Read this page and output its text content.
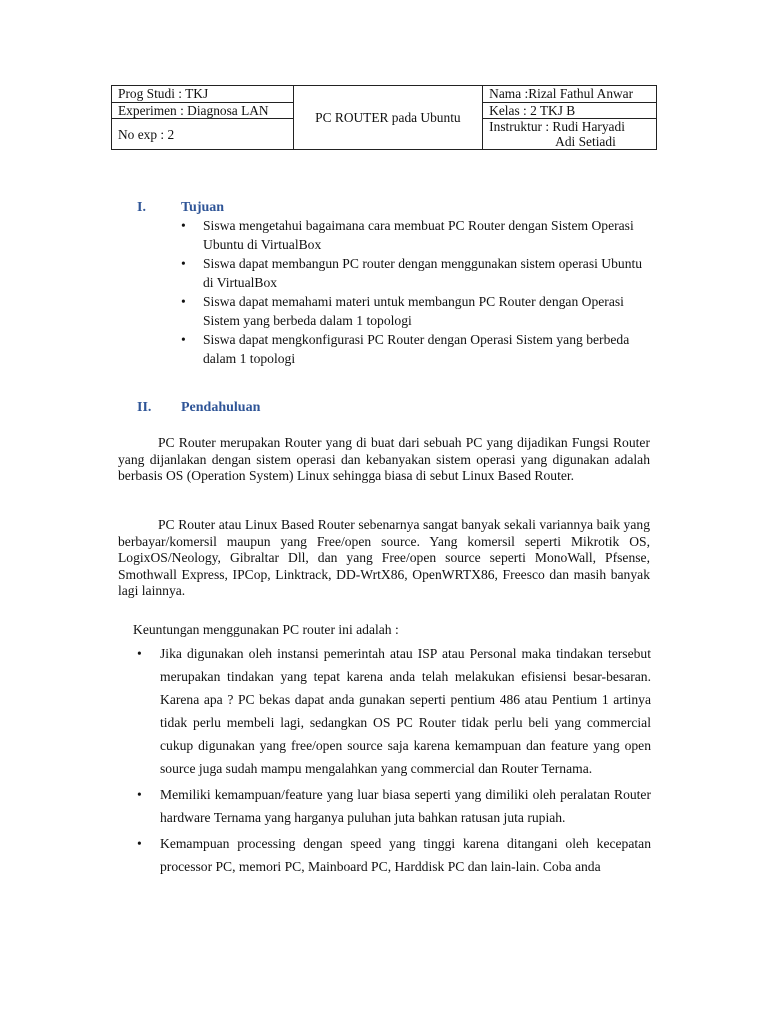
Prog Studi : TKJ	PC ROUTER pada Ubuntu	Nama :Rizal Fathul Anwar
Experimen : Diagnosa LAN		Kelas : 2 TKJ B
No exp : 2		Instruktur : Rudi Haryadi
Adi Setiadi
I.	Tujuan
• Siswa mengetahui bagaimana cara membuat PC Router dengan Sistem Operasi Ubuntu di VirtualBox
• Siswa dapat membangun PC router dengan menggunakan sistem operasi Ubuntu di VirtualBox
• Siswa dapat memahami materi untuk membangun PC Router dengan Operasi Sistem yang berbeda dalam 1 topologi
• Siswa dapat mengkonfigurasi PC Router dengan Operasi Sistem yang berbeda dalam 1 topologi
II. Pendahuluan

PC Router merupakan Router yang di buat dari sebuah PC yang dijadikan Fungsi Router yang dijanlakan dengan sistem operasi dan kebanyakan sistem operasi yang digunakan adalah berbasis OS (Operation System) Linux sehingga biasa di sebut Linux Based Router.

PC Router atau Linux Based Router sebenarnya sangat banyak sekali variannya baik yang berbayar/komersil maupun yang Free/open source. Yang komersil seperti Mikrotik OS, LogixOS/Neology, Gibraltar Dll, dan yang Free/open source seperti MonoWall, Pfsense, Smothwall Express, IPCop, Linktrack, DD-WrtX86, OpenWRTX86, Freesco dan masih banyak lagi lainnya.

Keuntungan menggunakan PC router ini adalah :

• Jika digunakan oleh instansi pemerintah atau ISP atau Personal maka tindakan tersebut merupakan tindakan yang tepat karena anda telah melakukan efisiensi besar-besaran. Karena apa ? PC bekas dapat anda gunakan seperti pentium 486 atau Pentium 1 artinya tidak perlu membeli lagi, sedangkan OS PC Router tidak perlu beli yang commercial cukup digunakan yang free/open source saja karena kemampuan dan feature yang open source juga sudah mampu mengalahkan yang commercial dan Router Ternama.
• Memiliki kemampuan/feature yang luar biasa seperti yang dimiliki oleh peralatan Router hardware Ternama yang harganya puluhan juta bahkan ratusan juta rupiah.
• Kemampuan processing dengan speed yang tinggi karena ditangani oleh kecepatan processor PC, memori PC, Mainboard PC, Harddisk PC dan lain-lain. Coba anda
